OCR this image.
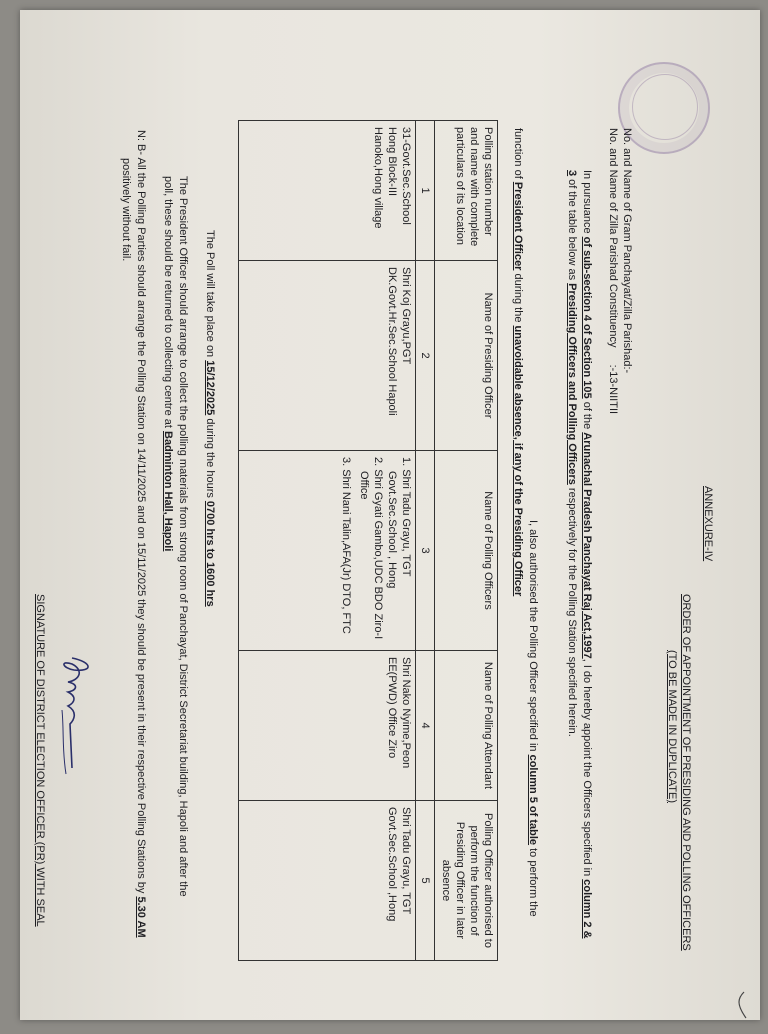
ANNEXURE-IV
ORDER OF APPOINTMENT OF PRESIDING AND POLLING OFFICERS
(TO BE MADE IN DUPLICATE)
No. and Name of Gram Panchayat/Zilla Parishad:-
No. and Name of Zilla Parishad Constituency :-13-NIITII
In pursuance of sub-section 4 of Section 105 of the Arunachal Pradesh Panchayat Raj Act,1997, I do hereby appoint the Officers specified in column 2 & 3 of the table below as Presiding Officers and Polling Officers respectively for the Polling Station specified herein.
I, also authorised the Polling Officer specified in column 5 of table to perform the function of President Officer during the unavoidable absence, if any of the Presiding Officer
Polling station number and name with complete particulars of its location	Name of Presiding Officer	Name of Polling Officers	Name of Polling Attendant	Polling Officer authorised to perform the function of Presiding Officer in later absence
1	2	3	4	5
31-Govt.Sec.School Hong Block-III Hanoko,Hong village	Shri Koj Grayu,PGT DK.Govt.Hr.Sec.School Hapoli	1. Shri Tadu Grayu, TGT Govt.Sec.School , Hong
2. Shri Gyati Gambo,UDC BDO Ziro-I Office
3. Shri Nani Talin,AFA(Jr) DTO, FTC	Shri Nako Nyime,Peon EE(PWD) Office Ziro	Shri Tadu Grayu, TGT Govt.Sec.School ,Hong
The Poll will take place on 15/12/2025 during the hours 0700 hrs to 1600 hrs
The President Officer should arrange to collect the polling materials from strong room of Panchayat, District Secretariat building, Hapoli and after the poll, these should be returned to collecting centre at Badminton Hall, Hapoli
N: B- All the Polling Parties should arrange the Polling Station on 14/11/2025 and on 15/11/2025 they should be present in their respective Polling Stations by 5.30 AM positively without fail.
SIGNATURE OF DISTRICT ELECTION OFFICER (PR) WITH SEAL
